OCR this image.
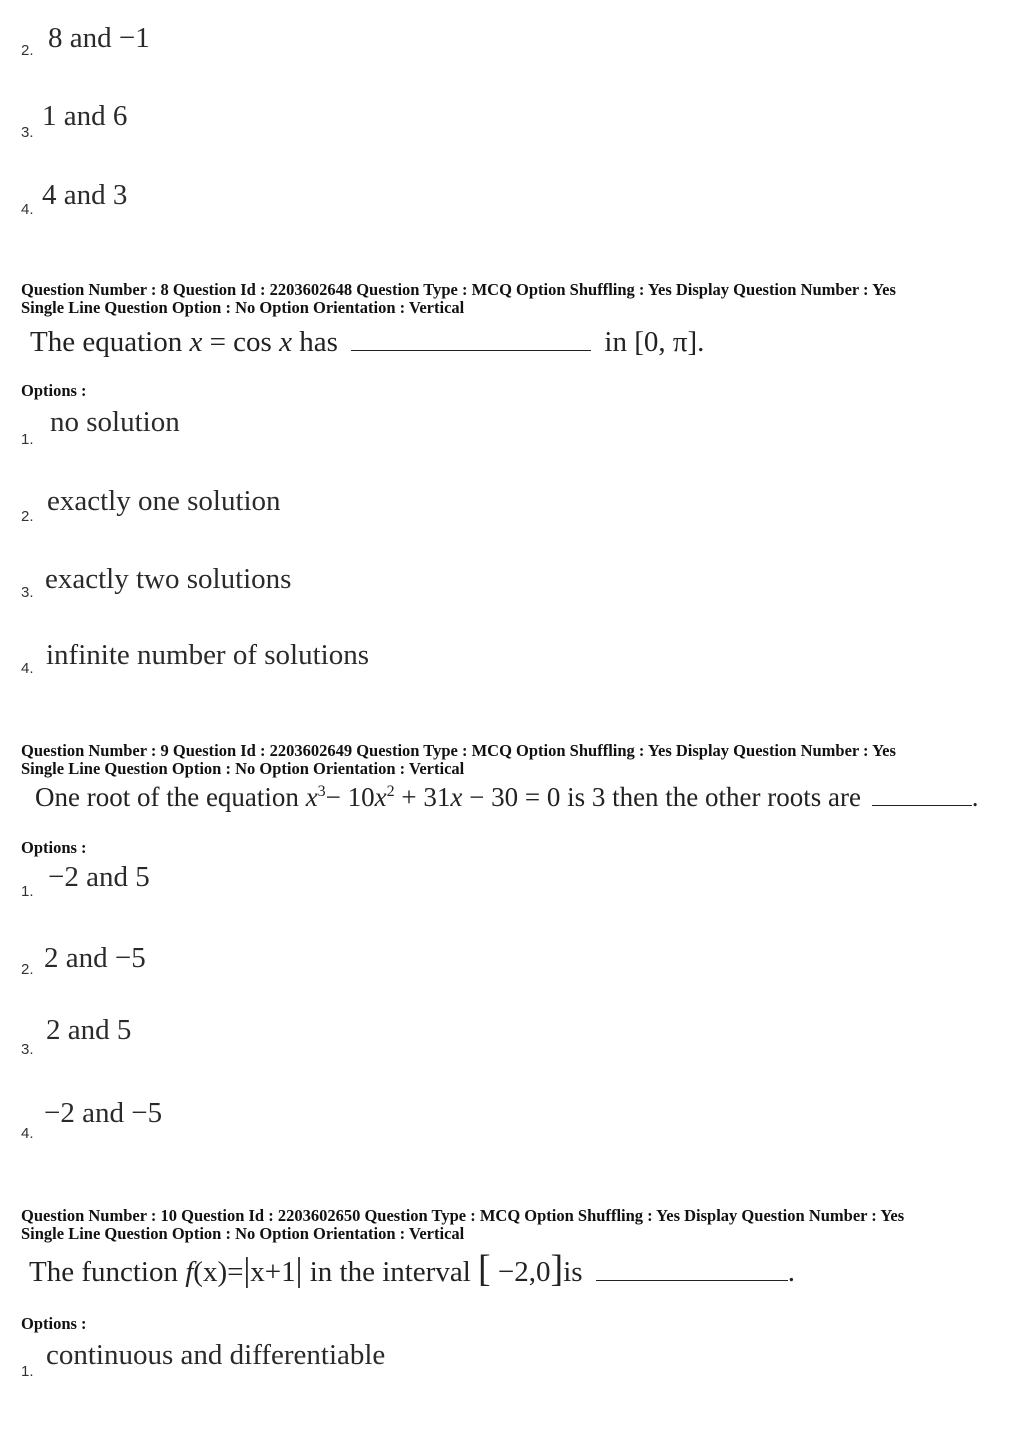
2. 8 and −1
3.
1 and 6
4. 4 and 3
Question Number : 8 Question Id : 2203602648 Question Type : MCQ Option Shuffling : Yes Display Question Number : Yes
Single Line Question Option : No Option Orientation : Vertical
The equation x = cos x has	in [0, π].
Options :
1.
no solution
2. exactly one solution
3. exactly two solutions
4. infinite number of solutions
Question Number : 9 Question Id : 2203602649 Question Type : MCQ Option Shuffling : Yes Display Question Number : Yes
Single Line Question Option : No Option Orientation : Vertical
One root of the equation $x^3- 10x^2 + 31x - 30 = 0$ is 3 then the other roots are	.
Options :
1. −2 and 5
2. 2 and −5
3.
2 and 5
4.
−2 and −5
Question Number : 10 Question Id : 2203602650 Question Type : MCQ Option Shuffling : Yes Display Question Number : Yes
Single Line Question Option : No Option Orientation : Vertical
The function f(x)=|x+1| in the interval [ −2,0]is	.
Options :
1.
continuous and differentiable
